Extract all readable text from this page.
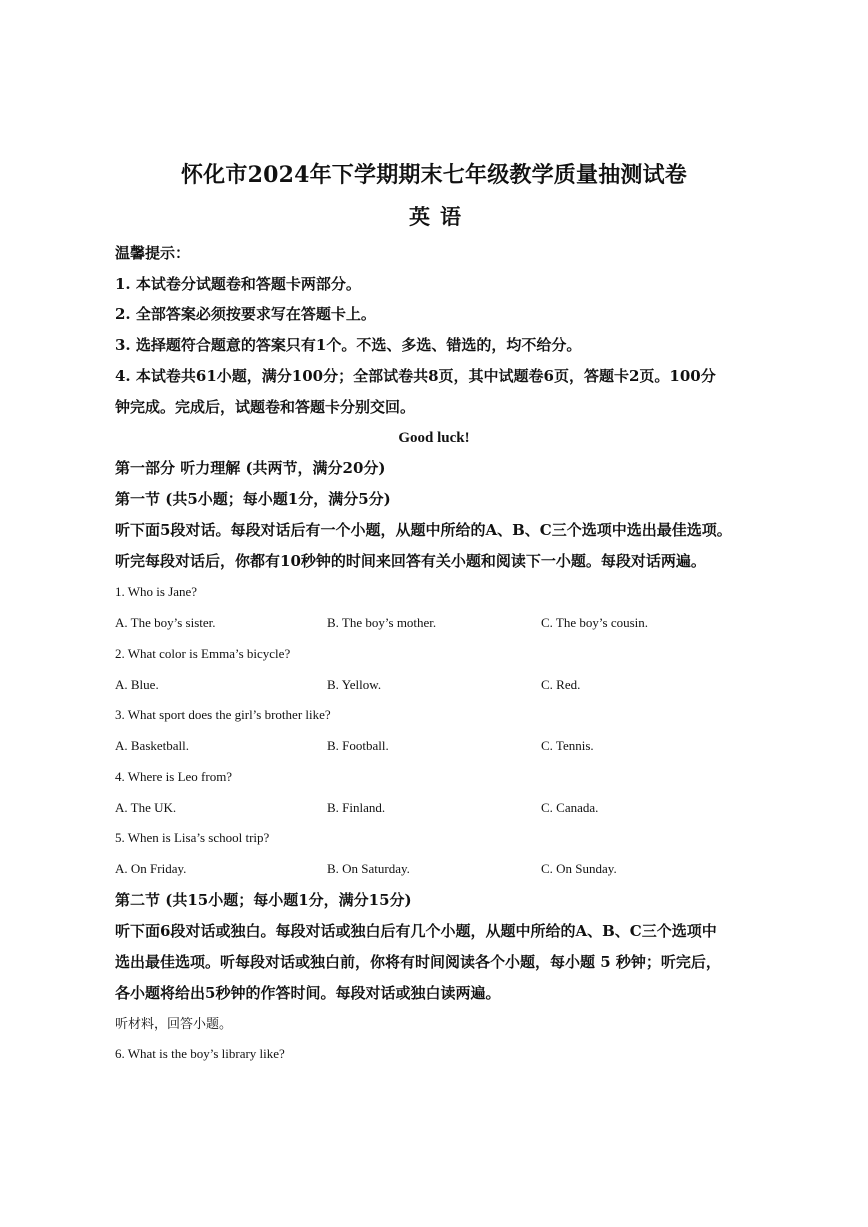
怀化市2024年下学期期末七年级教学质量抽测试卷
英语
温馨提示：
1. 本试卷分试题卷和答题卡两部分。
2. 全部答案必须按要求写在答题卡上。
3. 选择题符合题意的答案只有1个。不选、多选、错选的，均不给分。
4. 本试卷共61小题，满分100分；全部试卷共8页，其中试题卷6页，答题卡2页。100分
钟完成。完成后，试题卷和答题卡分别交回。
Good luck!
第一部分 听力理解 (共两节，满分20分)
第一节 (共5小题；每小题1分，满分5分)
听下面5段对话。每段对话后有一个小题，从题中所给的A、B、C三个选项中选出最佳选项。
听完每段对话后，你都有10秒钟的时间来回答有关小题和阅读下一小题。每段对话两遍。
1. Who is Jane?
A. The boy’s sister.	B. The boy’s mother.	C. The boy’s cousin.
2. What color is Emma’s bicycle?
A. Blue.	B. Yellow.	C. Red.
3. What sport does the girl’s brother like?
A. Basketball.	B. Football.	C. Tennis.
4. Where is Leo from?
A. The UK.	B. Finland.	C. Canada.
5. When is Lisa’s school trip?
A. On Friday.	B. On Saturday.	C. On Sunday.
第二节 (共15小题；每小题1分，满分15分)
听下面6段对话或独白。每段对话或独白后有几个小题，从题中所给的A、B、C三个选项中
选出最佳选项。听每段对话或独白前，你将有时间阅读各个小题，每小题 5 秒钟；听完后，
各小题将给出5秒钟的作答时间。每段对话或独白读两遍。
听材料，回答小题。
6. What is the boy’s library like?
